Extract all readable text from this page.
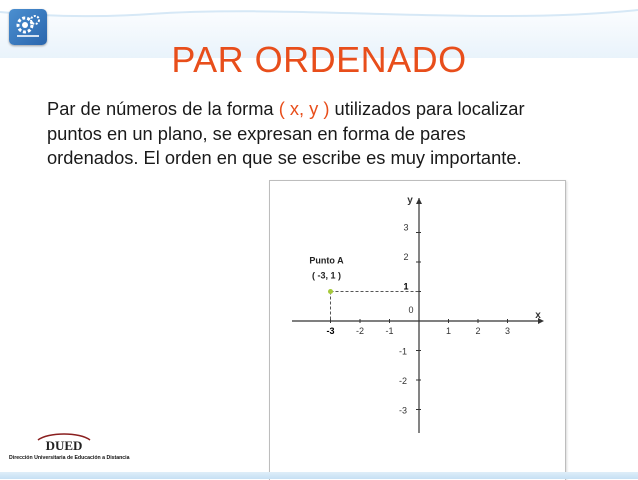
PAR ORDENADO

Par de números de la forma ( x, y ) utilizados para localizar puntos en un plano, se expresan en forma de pares ordenados. El orden en que se escribe es muy importante.

x
y
0
-3 -2 -1	1	2	3
3
2
1
-1
-2
-3
Punto A
( -3, 1 )
DUED
Dirección Universitaria de Educación a Distancia
